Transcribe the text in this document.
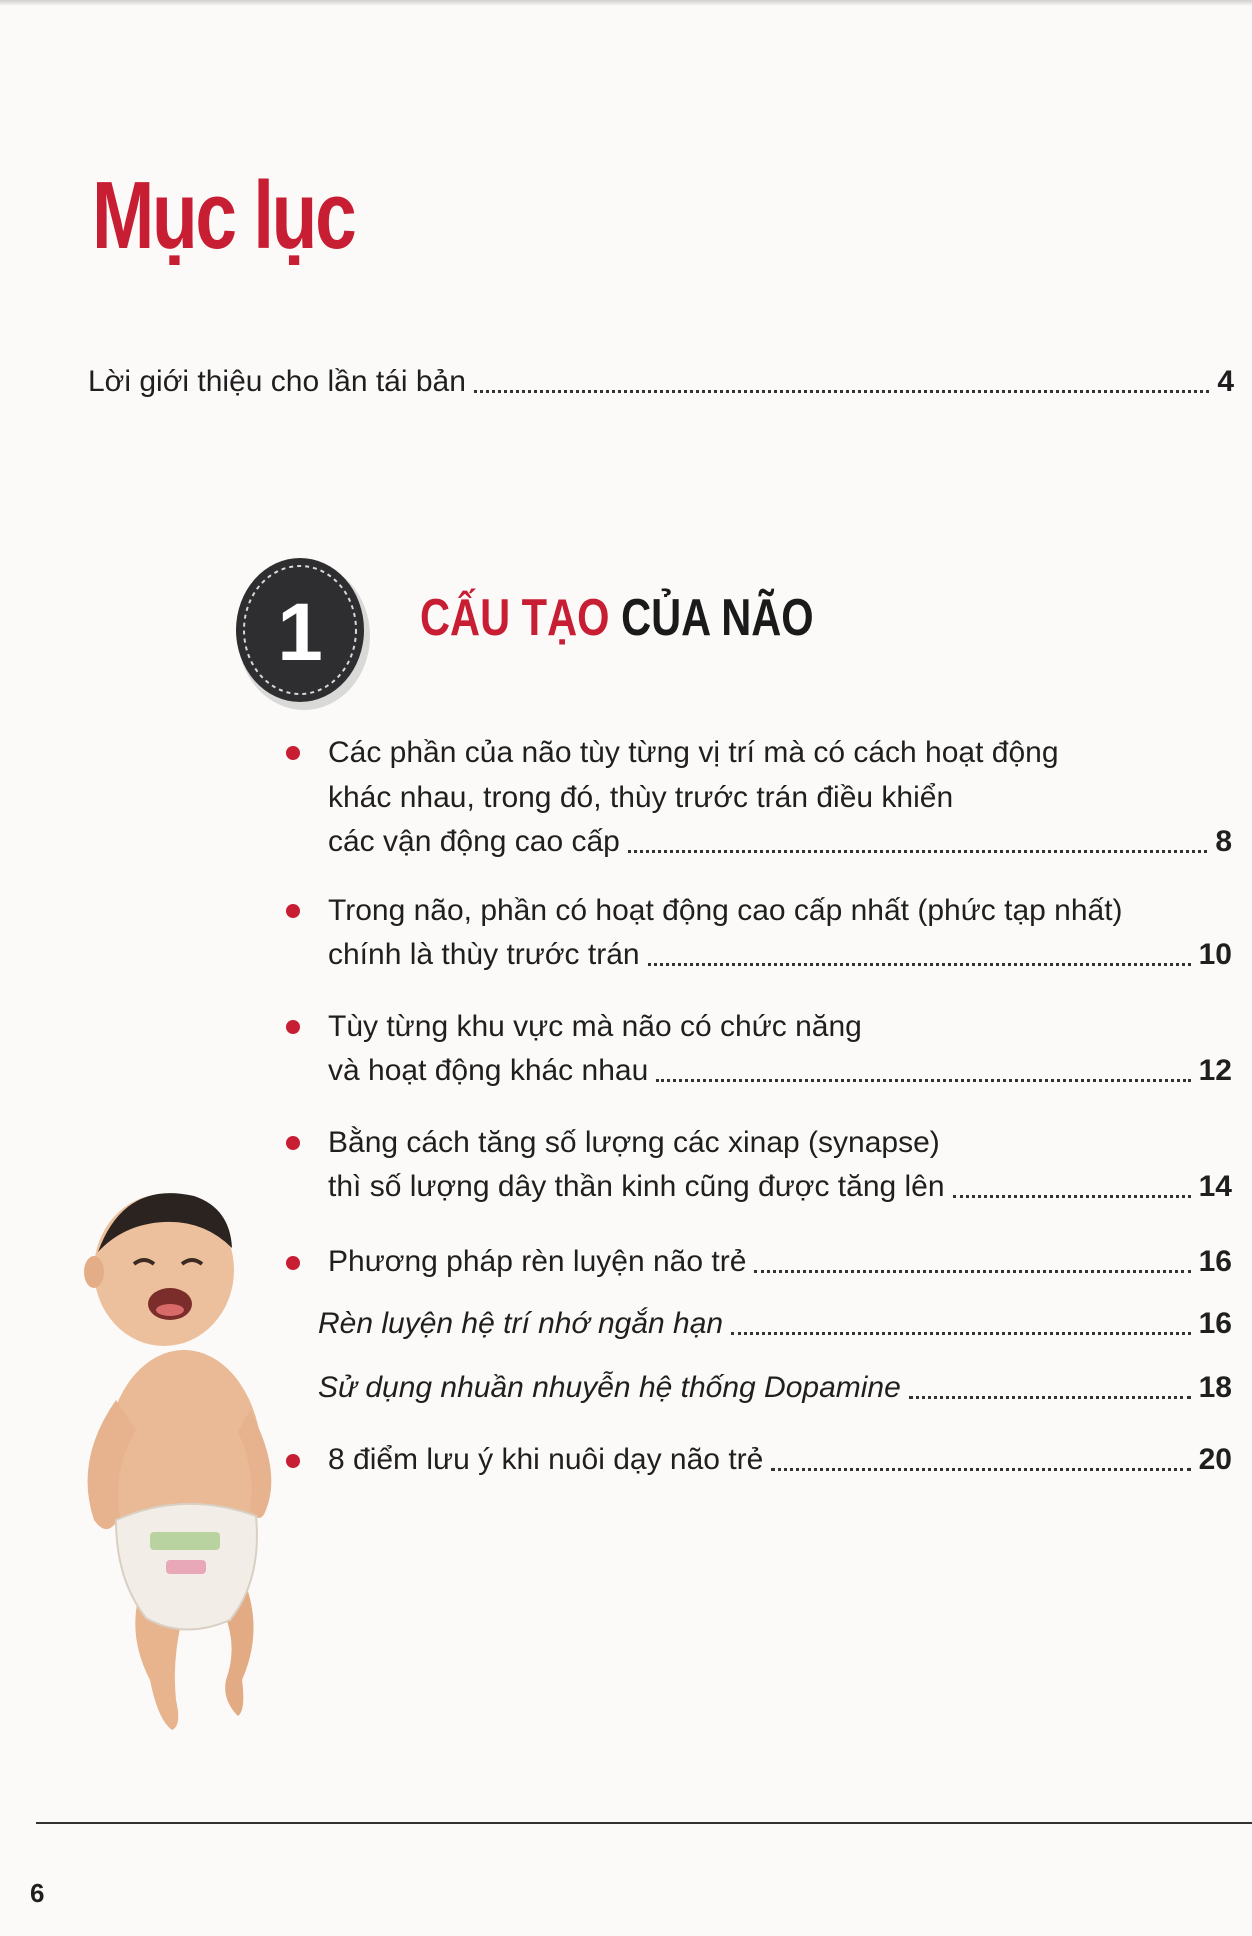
Mục lục
Lời giới thiệu cho lần tái bản	4
1 CẤU TẠO CỦA NÃO
Các phần của não tùy từng vị trí mà có cách hoạt động
khác nhau, trong đó, thùy trước trán điều khiển
các vận động cao cấp	8
Trong não, phần có hoạt động cao cấp nhất (phức tạp nhất)
chính là thùy trước trán	10
Tùy từng khu vực mà não có chức năng
và hoạt động khác nhau	12
Bằng cách tăng số lượng các xinap (synapse)
thì số lượng dây thần kinh cũng được tăng lên	14
Phương pháp rèn luyện não trẻ	16
Rèn luyện hệ trí nhớ ngắn hạn	16
Sử dụng nhuần nhuyễn hệ thống Dopamine	18
8 điểm lưu ý khi nuôi dạy não trẻ	20
6
